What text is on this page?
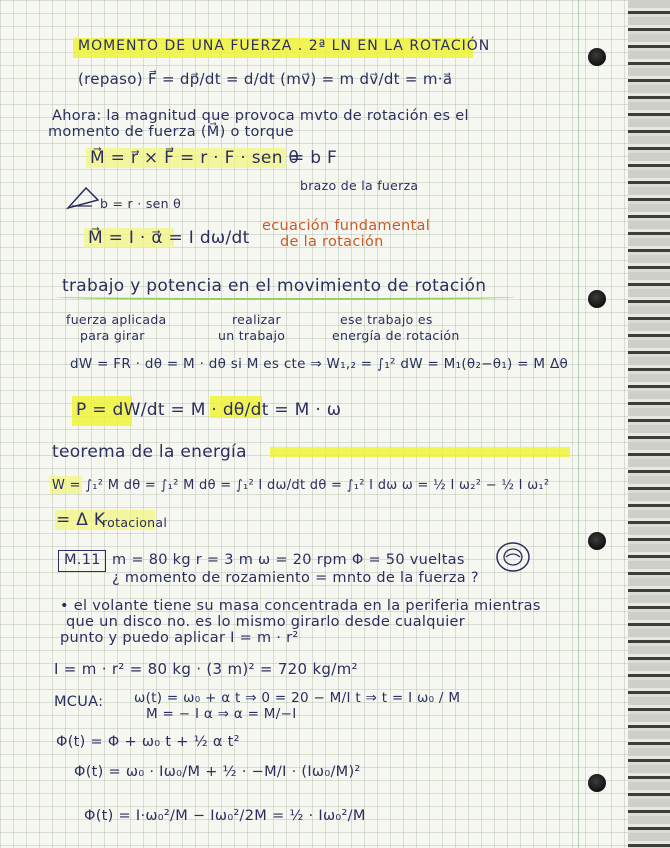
MOMENTO DE UNA FUERZA . 2ª LN EN LA ROTACIÓN

(repaso) F⃗ = dp⃗/dt = d/dt (mv⃗) = m dv⃗/dt = m·a⃗

Ahora: la magnitud que provoca mvto de rotación es el

momento de fuerza (M⃗) o torque

M⃗ = r⃗ × F⃗ = r · F · sen θ

= b F

brazo de la fuerza

b = r · sen θ

M⃗ = I · α⃗ = I dω/dt

ecuación fundamental

de la rotación

trabajo y potencia en el movimiento de rotación

fuerza aplicada

para girar

realizar

un trabajo

ese trabajo es

energía de rotación

dW = FR · dθ = M · dθ si M es cte ⇒ W₁,₂ = ∫₁² dW = M₁(θ₂−θ₁) = M Δθ

P = dW/dt = M · dθ/dt = M · ω

teorema de la energía

W = ∫₁² M dθ = ∫₁² M dθ = ∫₁² I dω/dt dθ = ∫₁² I dω ω = ½ I ω₂² − ½ I ω₁²

= Δ K

rotacional

M.11 m = 80 kg r = 3 m ω = 20 rpm Φ = 50 vueltas

¿ momento de rozamiento = mnto de la fuerza ?

• el volante tiene su masa concentrada en la periferia mientras

que un disco no. es lo mismo girarlo desde cualquier

punto y puedo aplicar I = m · r²

I = m · r² = 80 kg · (3 m)² = 720 kg/m²

MCUA: ω(t) = ω₀ + α t ⇒ 0 = 20 − M/I t ⇒ t = I ω₀ / M

M = − I α ⇒ α = M/−I

Φ(t) = Φ + ω₀ t + ½ α t²

Φ(t) = ω₀ · Iω₀/M + ½ · −M/I · (Iω₀/M)²

Φ(t) = I·ω₀²/M − Iω₀²/2M = ½ · Iω₀²/M
